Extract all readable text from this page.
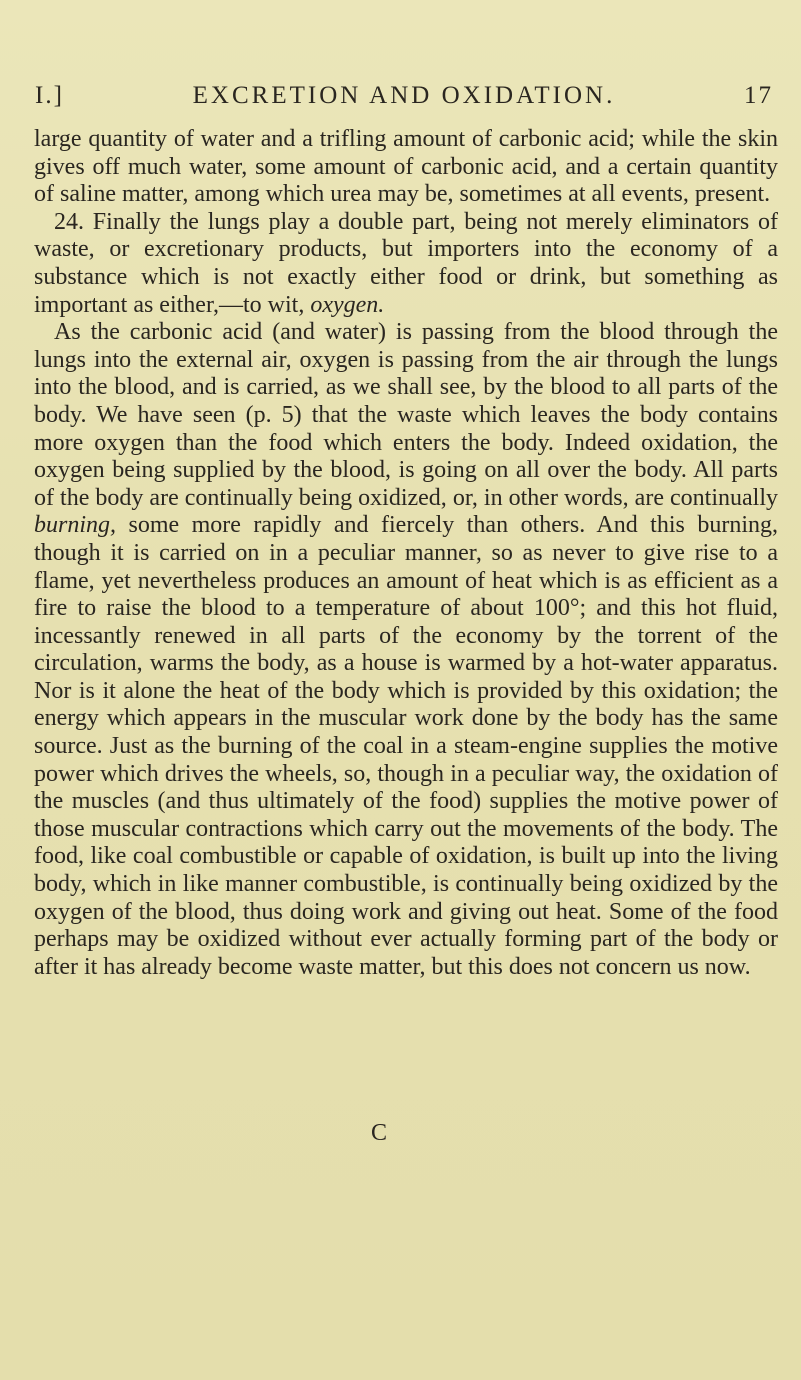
I.]	EXCRETION AND OXIDATION.	17

large quantity of water and a trifling amount of carbonic acid; while the skin gives off much water, some amount of carbonic acid, and a certain quantity of saline matter, among which urea may be, sometimes at all events, present.

24. Finally the lungs play a double part, being not merely eliminators of waste, or excretionary products, but importers into the economy of a substance which is not exactly either food or drink, but something as important as either,—to wit, oxygen.

As the carbonic acid (and water) is passing from the blood through the lungs into the external air, oxygen is passing from the air through the lungs into the blood, and is carried, as we shall see, by the blood to all parts of the body. We have seen (p. 5) that the waste which leaves the body contains more oxygen than the food which enters the body. Indeed oxidation, the oxygen being supplied by the blood, is going on all over the body. All parts of the body are continually being oxidized, or, in other words, are continually burning, some more rapidly and fiercely than others. And this burning, though it is carried on in a peculiar manner, so as never to give rise to a flame, yet nevertheless produces an amount of heat which is as efficient as a fire to raise the blood to a temperature of about 100°; and this hot fluid, incessantly renewed in all parts of the economy by the torrent of the circulation, warms the body, as a house is warmed by a hot-water apparatus. Nor is it alone the heat of the body which is provided by this oxidation; the energy which appears in the muscular work done by the body has the same source. Just as the burning of the coal in a steam-engine supplies the motive power which drives the wheels, so, though in a peculiar way, the oxidation of the muscles (and thus ultimately of the food) supplies the motive power of those muscular contractions which carry out the movements of the body. The food, like coal combustible or capable of oxidation, is built up into the living body, which in like manner combustible, is continually being oxidized by the oxygen of the blood, thus doing work and giving out heat. Some of the food perhaps may be oxidized without ever actually forming part of the body or after it has already become waste matter, but this does not concern us now.

C
